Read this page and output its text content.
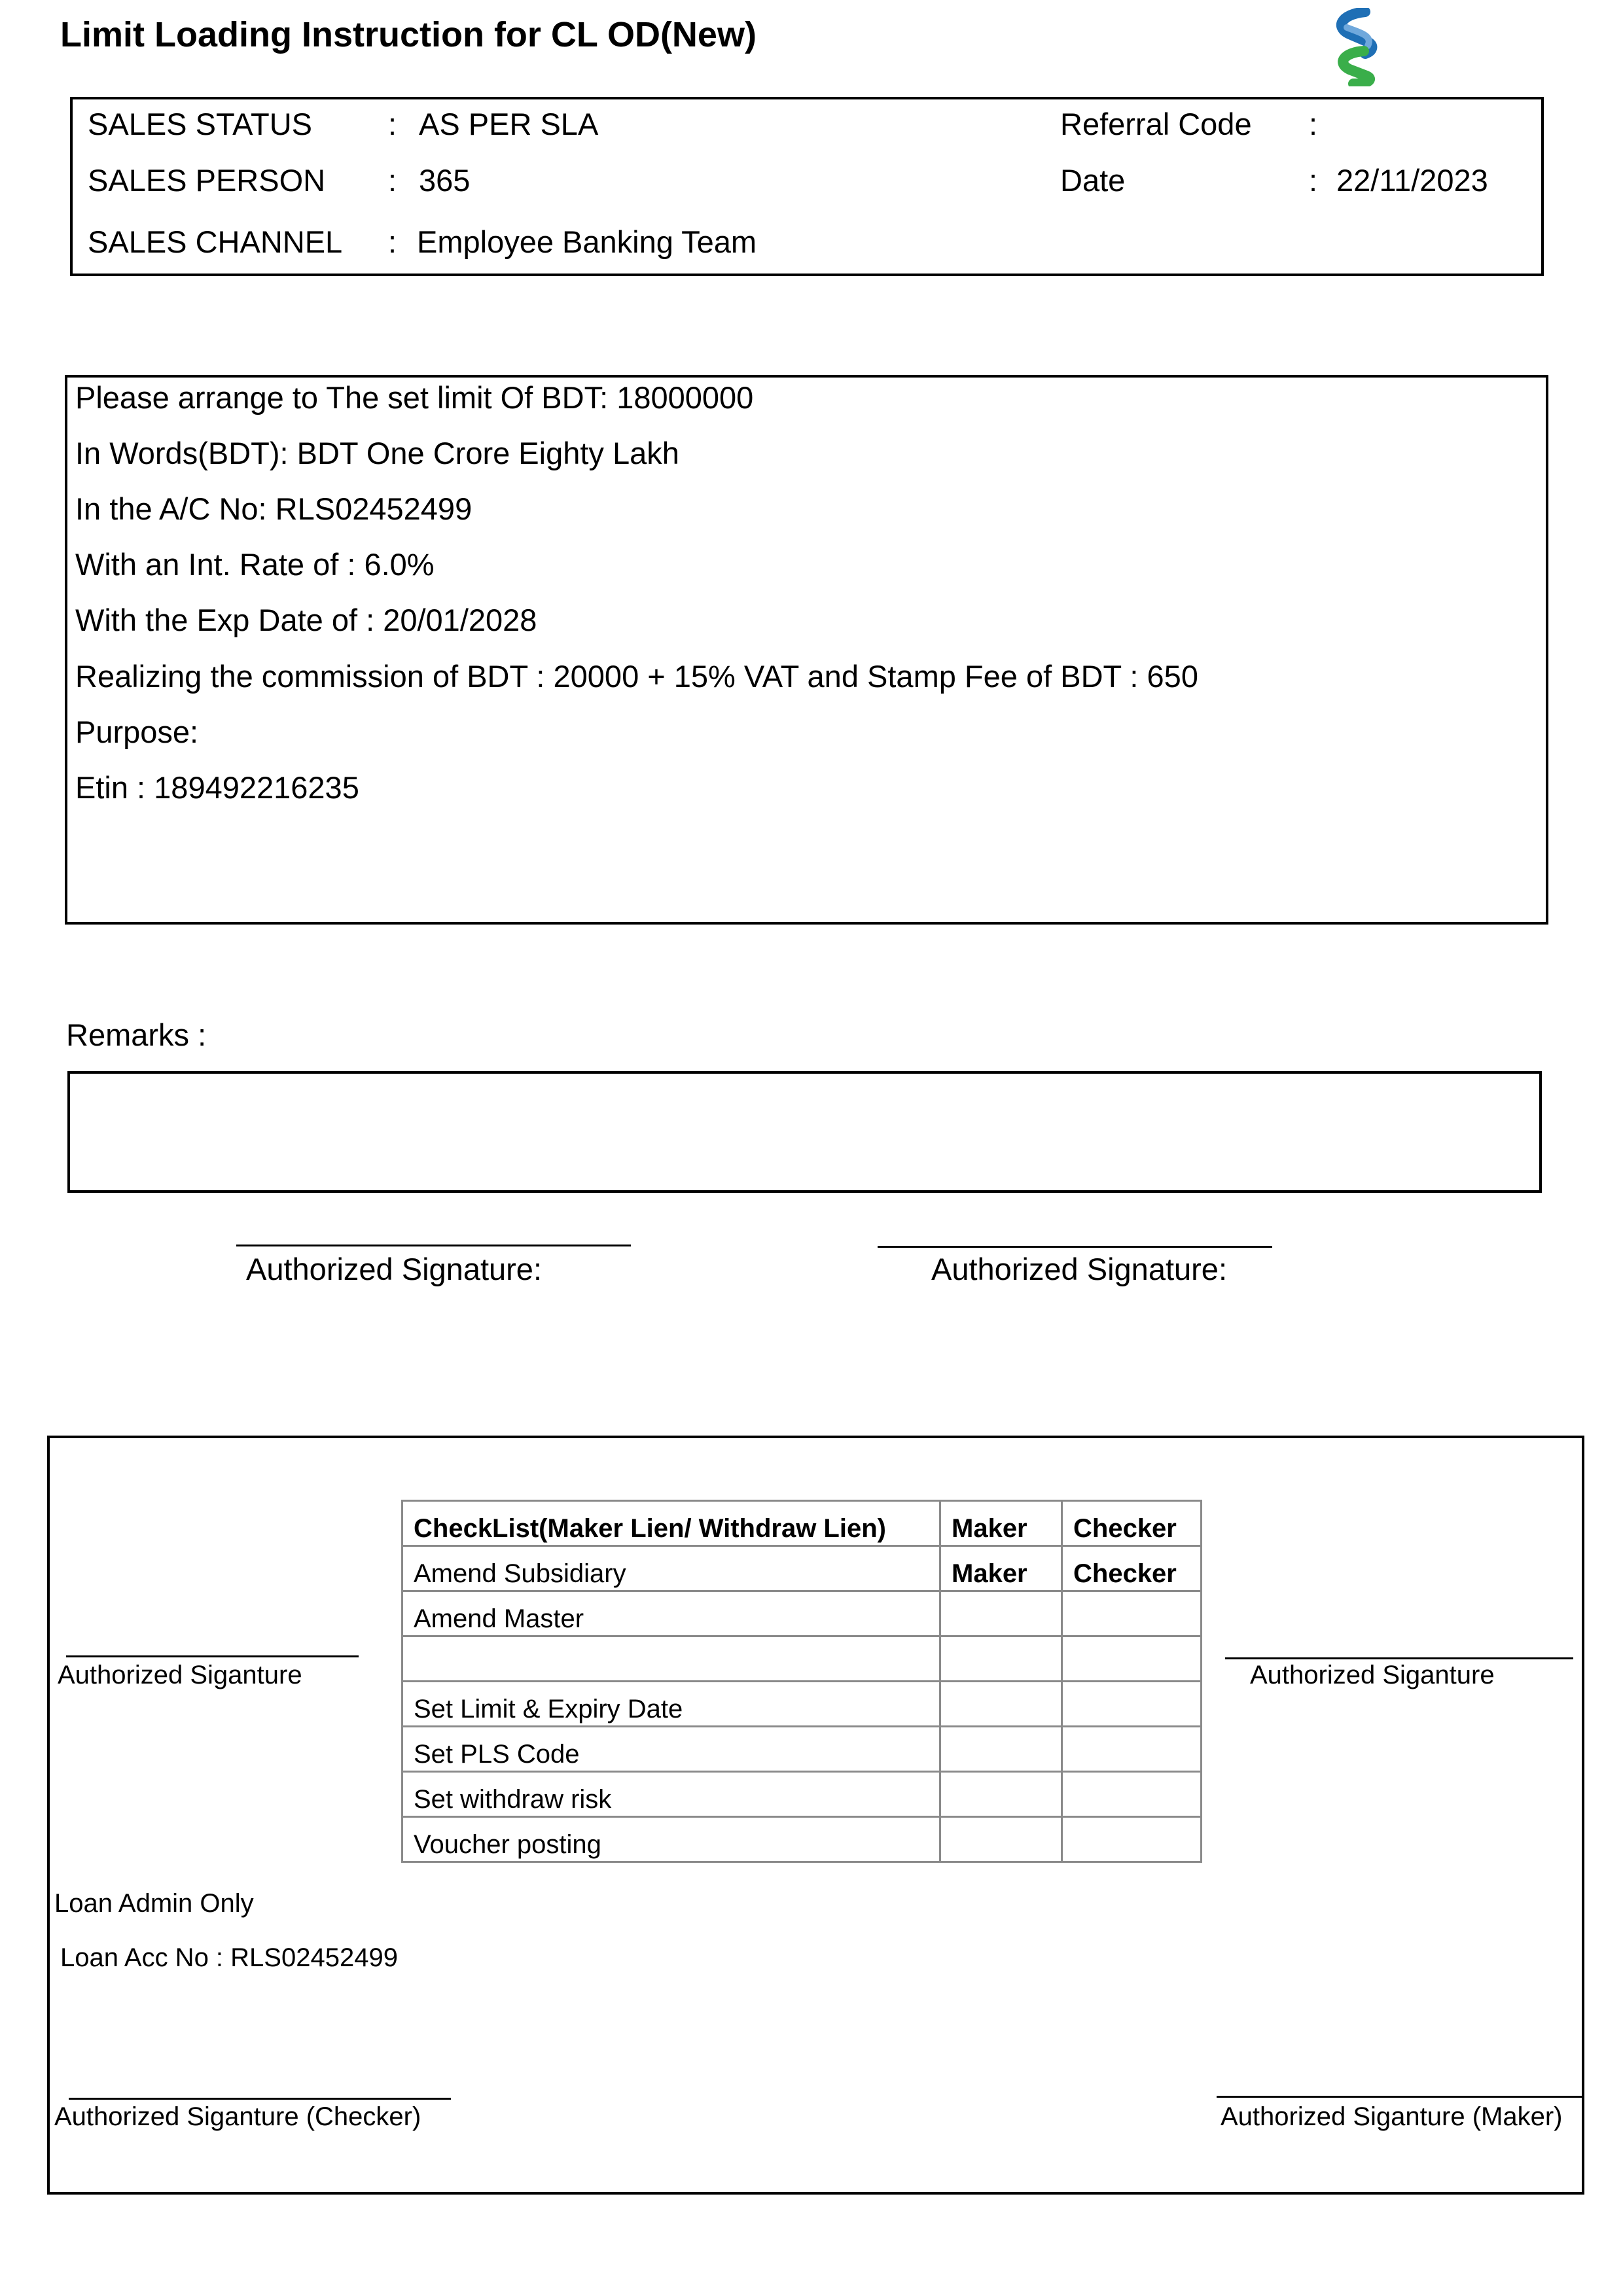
Limit Loading Instruction for CL OD(New)
SALES STATUS : AS PER SLA
SALES PERSON : 365
SALES CHANNEL : Employee Banking Team
Referral Code :
Date	: 22/11/2023
Please arrange to The set limit Of BDT: 18000000
In Words(BDT): BDT One Crore Eighty Lakh
In the A/C No: RLS02452499
With an Int. Rate of : 6.0%
With the Exp Date of : 20/01/2028
Realizing the commission of BDT : 20000 + 15% VAT and Stamp Fee of BDT : 650
Purpose:
Etin : 189492216235
Remarks :
Authorized Signature:	Authorized Signature:
Authorized Siganture	Authorized Siganture
CheckList(Maker Lien/ Withdraw Lien)	Maker	Checker
Amend Subsidiary	Maker	Checker
Amend Master		

Set Limit & Expiry Date		
Set PLS Code		
Set withdraw risk		
Voucher posting		
Loan Admin Only
Loan Acc No : RLS02452499
Authorized Siganture (Checker)	Authorized Siganture (Maker)
